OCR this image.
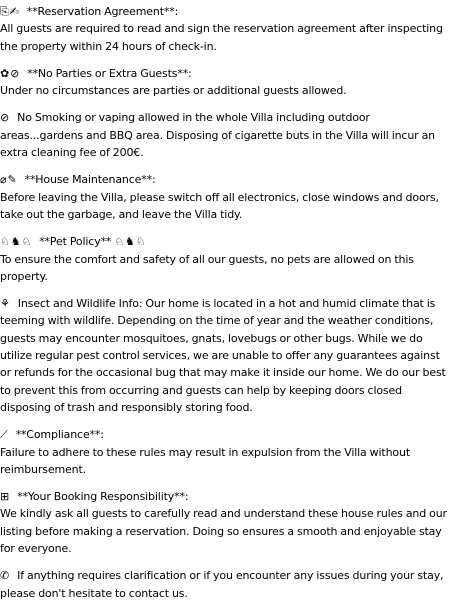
⎘✍ **Reservation Agreement**:
All guests are required to read and sign the reservation agreement after inspecting the property within 24 hours of check-in.
✿⊘ **No Parties or Extra Guests**:
Under no circumstances are parties or additional guests allowed.
⊘ No Smoking or vaping allowed in the whole Villa including outdoor areas...gardens and BBQ area. Disposing of cigarette buts in the Villa will incur an extra cleaning fee of 200€.
⌀✎ **House Maintenance**:
Before leaving the Villa, please switch off all electronics, close windows and doors, take out the garbage, and leave the Villa tidy.
♘♞♘ **Pet Policy** ♘♞♘
To ensure the comfort and safety of all our guests, no pets are allowed on this property.
⚘ Insect and Wildlife Info: Our home is located in a hot and humid climate that is teeming with wildlife. Depending on the time of year and the weather conditions, guests may encounter mosquitoes, gnats, lovebugs or other bugs. While we do utilize regular pest control services, we are unable to offer any guarantees against or refunds for the occasional bug that may make it inside our home. We do our best to prevent this from occurring and guests can help by keeping doors closed disposing of trash and responsibly storing food.
⟋ **Compliance**:
Failure to adhere to these rules may result in expulsion from the Villa without reimbursement.
⊞ **Your Booking Responsibility**:
We kindly ask all guests to carefully read and understand these house rules and our listing before making a reservation. Doing so ensures a smooth and enjoyable stay for everyone.
✆ If anything requires clarification or if you encounter any issues during your stay, please don't hesitate to contact us.
